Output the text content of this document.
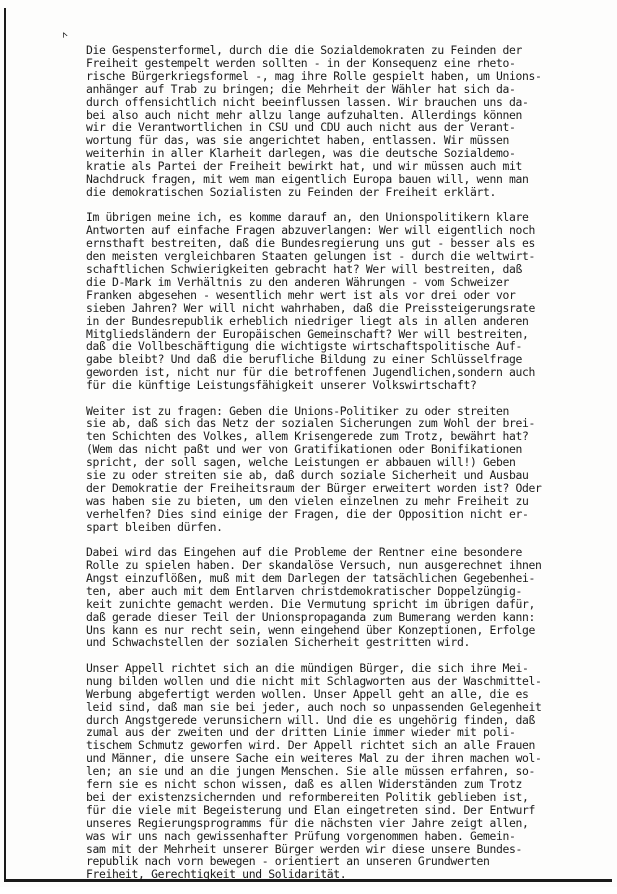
˄
Die Gespensterformel, durch die die Sozialdemokraten zu Feinden der
Freiheit gestempelt werden sollten - in der Konsequenz eine rheto-
rische Bürgerkriegsformel -, mag ihre Rolle gespielt haben, um Unions-
anhänger auf Trab zu bringen; die Mehrheit der Wähler hat sich da-
durch offensichtlich nicht beeinflussen lassen. Wir brauchen uns da-
bei also auch nicht mehr allzu lange aufzuhalten. Allerdings können
wir die Verantwortlichen in CSU und CDU auch nicht aus der Verant-
wortung für das, was sie angerichtet haben, entlassen. Wir müssen
weiterhin in aller Klarheit darlegen, was die deutsche Sozialdemo-
kratie als Partei der Freiheit bewirkt hat, und wir müssen auch mit
Nachdruck fragen, mit wem man eigentlich Europa bauen will, wenn man
die demokratischen Sozialisten zu Feinden der Freiheit erklärt.
Im übrigen meine ich, es komme darauf an, den Unionspolitikern klare
Antworten auf einfache Fragen abzuverlangen: Wer will eigentlich noch
ernsthaft bestreiten, daß die Bundesregierung uns gut - besser als es
den meisten vergleichbaren Staaten gelungen ist - durch die weltwirt-
schaftlichen Schwierigkeiten gebracht hat? Wer will bestreiten, daß
die D-Mark im Verhältnis zu den anderen Währungen - vom Schweizer
Franken abgesehen - wesentlich mehr wert ist als vor drei oder vor
sieben Jahren? Wer will nicht wahrhaben, daß die Preissteigerungsrate
in der Bundesrepublik erheblich niedriger liegt als in allen anderen
Mitgliedsländern der Europäischen Gemeinschaft? Wer will bestreiten,
daß die Vollbeschäftigung die wichtigste wirtschaftspolitische Auf-
gabe bleibt? Und daß die berufliche Bildung zu einer Schlüsselfrage
geworden ist, nicht nur für die betroffenen Jugendlichen,sondern auch
für die künftige Leistungsfähigkeit unserer Volkswirtschaft?
Weiter ist zu fragen: Geben die Unions-Politiker zu oder streiten
sie ab, daß sich das Netz der sozialen Sicherungen zum Wohl der brei-
ten Schichten des Volkes, allem Krisengerede zum Trotz, bewährt hat?
(Wem das nicht paßt und wer von Gratifikationen oder Bonifikationen
spricht, der soll sagen, welche Leistungen er abbauen will!) Geben
sie zu oder streiten sie ab, daß durch soziale Sicherheit und Ausbau
der Demokratie der Freiheitsraum der Bürger erweitert worden ist? Oder
was haben sie zu bieten, um den vielen einzelnen zu mehr Freiheit zu
verhelfen? Dies sind einige der Fragen, die der Opposition nicht er-
spart bleiben dürfen.
Dabei wird das Eingehen auf die Probleme der Rentner eine besondere
Rolle zu spielen haben. Der skandalöse Versuch, nun ausgerechnet ihnen
Angst einzuflößen, muß mit dem Darlegen der tatsächlichen Gegebenhei-
ten, aber auch mit dem Entlarven christdemokratischer Doppelzüngig-
keit zunichte gemacht werden. Die Vermutung spricht im übrigen dafür,
daß gerade dieser Teil der Unionspropaganda zum Bumerang werden kann:
Uns kann es nur recht sein, wenn eingehend über Konzeptionen, Erfolge
und Schwachstellen der sozialen Sicherheit gestritten wird.
Unser Appell richtet sich an die mündigen Bürger, die sich ihre Mei-
nung bilden wollen und die nicht mit Schlagworten aus der Waschmittel-
Werbung abgefertigt werden wollen. Unser Appell geht an alle, die es
leid sind, daß man sie bei jeder, auch noch so unpassenden Gelegenheit
durch Angstgerede verunsichern will. Und die es ungehörig finden, daß
zumal aus der zweiten und der dritten Linie immer wieder mit poli-
tischem Schmutz geworfen wird. Der Appell richtet sich an alle Frauen
und Männer, die unsere Sache ein weiteres Mal zu der ihren machen wol-
len; an sie und an die jungen Menschen. Sie alle müssen erfahren, so-
fern sie es nicht schon wissen, daß es allen Widerständen zum Trotz
bei der existenzsichernden und reformbereiten Politik geblieben ist,
für die viele mit Begeisterung und Elan eingetreten sind. Der Entwurf
unseres Regierungsprogramms für die nächsten vier Jahre zeigt allen,
was wir uns nach gewissenhafter Prüfung vorgenommen haben. Gemein-
sam mit der Mehrheit unserer Bürger werden wir diese unsere Bundes-
republik nach vorn bewegen - orientiert an unseren Grundwerten
Freiheit, Gerechtigkeit und Solidarität.
